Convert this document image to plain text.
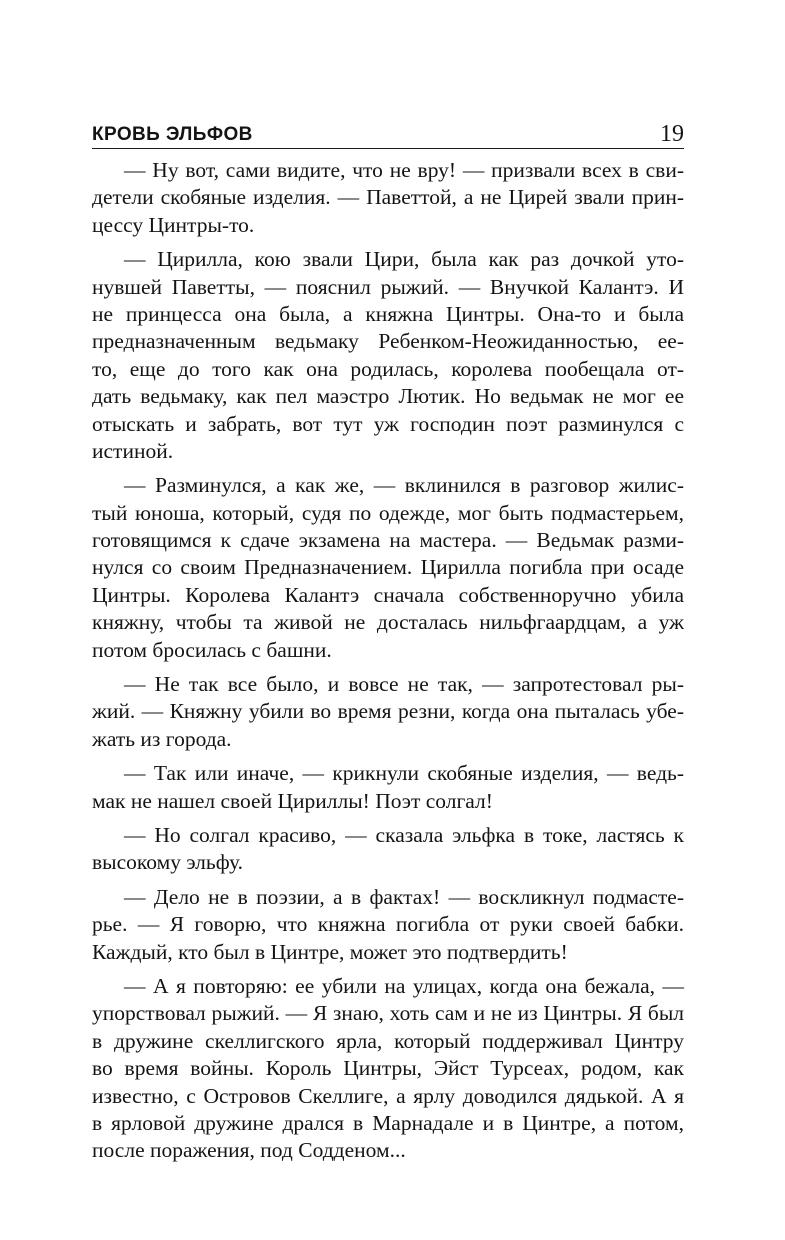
КРОВЬ ЭЛЬФОВ	19
— Ну вот, сами видите, что не вру! — призвали всех в сви-
детели скобяные изделия. — Паветтой, а не Цирей звали прин-
цессу Цинтры-то.
— Цирилла, кою звали Цири, была как раз дочкой уто-
нувшей Паветты, — пояснил рыжий. — Внучкой Калантэ. И
не принцесса она была, а княжна Цинтры. Она-то и была
предназначенным ведьмаку Ребенком-Неожиданностью, ее-
то, еще до того как она родилась, королева пообещала от-
дать ведьмаку, как пел маэстро Лютик. Но ведьмак не мог ее
отыскать и забрать, вот тут уж господин поэт разминулся с
истиной.
— Разминулся, а как же, — вклинился в разговор жилис-
тый юноша, который, судя по одежде, мог быть подмастерьем,
готовящимся к сдаче экзамена на мастера. — Ведьмак разми-
нулся со своим Предназначением. Цирилла погибла при осаде
Цинтры. Королева Калантэ сначала собственноручно убила
княжну, чтобы та живой не досталась нильфгаардцам, а уж
потом бросилась с башни.
— Не так все было, и вовсе не так, — запротестовал ры-
жий. — Княжну убили во время резни, когда она пыталась убе-
жать из города.
— Так или иначе, — крикнули скобяные изделия, — ведь-
мак не нашел своей Цириллы! Поэт солгал!
— Но солгал красиво, — сказала эльфка в токе, ластясь к
высокому эльфу.
— Дело не в поэзии, а в фактах! — воскликнул подмасте-
рье. — Я говорю, что княжна погибла от руки своей бабки.
Каждый, кто был в Цинтре, может это подтвердить!
— А я повторяю: ее убили на улицах, когда она бежала, —
упорствовал рыжий. — Я знаю, хоть сам и не из Цинтры. Я был
в дружине скеллигского ярла, который поддерживал Цинтру
во время войны. Король Цинтры, Эйст Турсеах, родом, как
известно, с Островов Скеллиге, а ярлу доводился дядькой. А я
в ярловой дружине дрался в Марнадале и в Цинтре, а потом,
после поражения, под Содденом...
